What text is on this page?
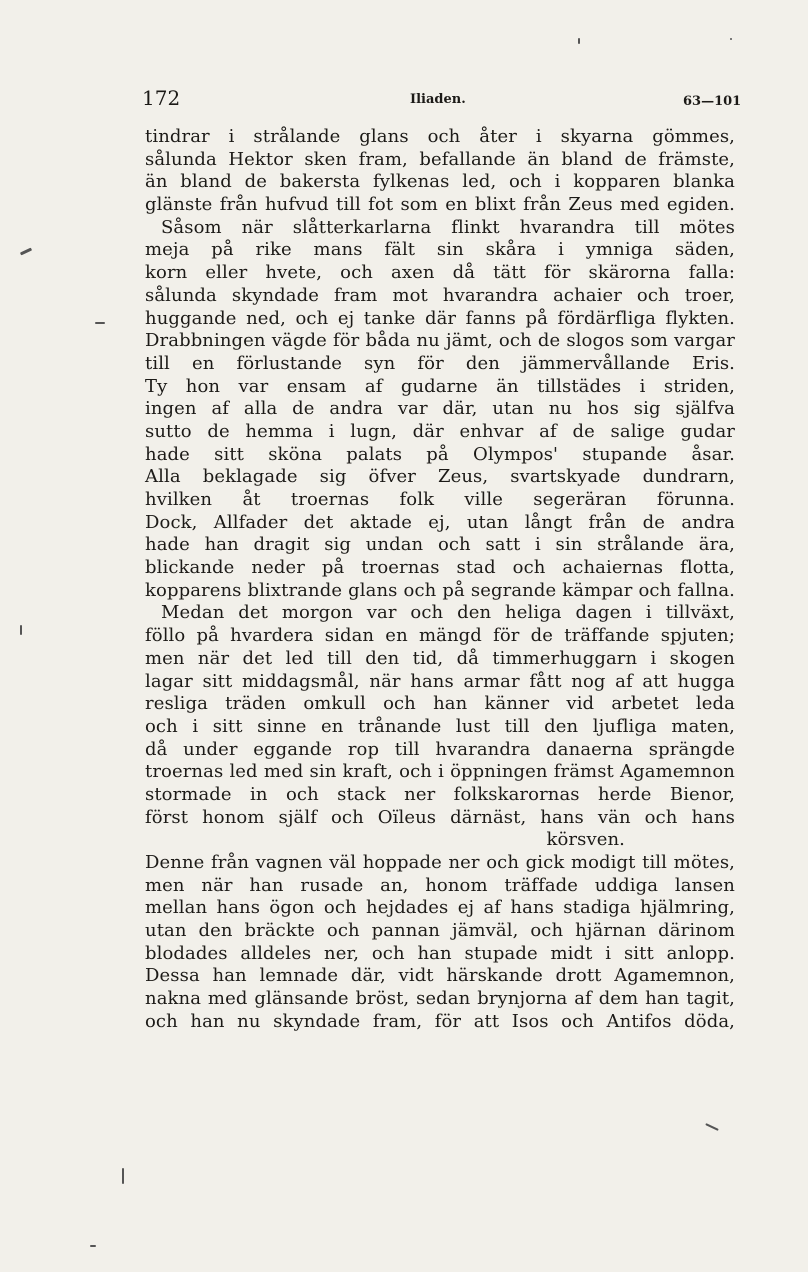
172	Iliaden.	63—101
tindrar i strålande glans och åter i skyarna gömmes,
sålunda Hektor sken fram, befallande än bland de främste,
än bland de bakersta fylkenas led, och i kopparen blanka
glänste från hufvud till fot som en blixt från Zeus med egiden.
Såsom när slåtterkarlarna flinkt hvarandra till mötes
meja på rike mans fält sin skåra i ymniga säden,
korn eller hvete, och axen då tätt för skärorna falla:
sålunda skyndade fram mot hvarandra achaier och troer,
huggande ned, och ej tanke där fanns på fördärfliga flykten.
Drabbningen vägde för båda nu jämt, och de slogos som vargar
till en förlustande syn för den jämmervållande Eris.
Ty hon var ensam af gudarne än tillstädes i striden,
ingen af alla de andra var där, utan nu hos sig själfva
sutto de hemma i lugn, där enhvar af de salige gudar
hade sitt sköna palats på Olympos' stupande åsar.
Alla beklagade sig öfver Zeus, svartskyade dundrarn,
hvilken åt troernas folk ville segeräran förunna.
Dock, Allfader det aktade ej, utan långt från de andra
hade han dragit sig undan och satt i sin strålande ära,
blickande neder på troernas stad och achaiernas flotta,
kopparens blixtrande glans och på segrande kämpar och fallna.
Medan det morgon var och den heliga dagen i tillväxt,
föllo på hvardera sidan en mängd för de träffande spjuten;
men när det led till den tid, då timmerhuggarn i skogen
lagar sitt middagsmål, när hans armar fått nog af att hugga
resliga träden omkull och han känner vid arbetet leda
och i sitt sinne en trånande lust till den ljufliga maten,
då under eggande rop till hvarandra danaerna sprängde
troernas led med sin kraft, och i öppningen främst Agamemnon
stormade in och stack ner folkskarornas herde Bienor,
först honom själf och Oïleus därnäst, hans vän och hans
körsven.
Denne från vagnen väl hoppade ner och gick modigt till mötes,
men när han rusade an, honom träffade uddiga lansen
mellan hans ögon och hejdades ej af hans stadiga hjälmring,
utan den bräckte och pannan jämväl, och hjärnan därinom
blodades alldeles ner, och han stupade midt i sitt anlopp.
Dessa han lemnade där, vidt härskande drott Agamemnon,
nakna med glänsande bröst, sedan brynjorna af dem han tagit,
och han nu skyndade fram, för att Isos och Antifos döda,
